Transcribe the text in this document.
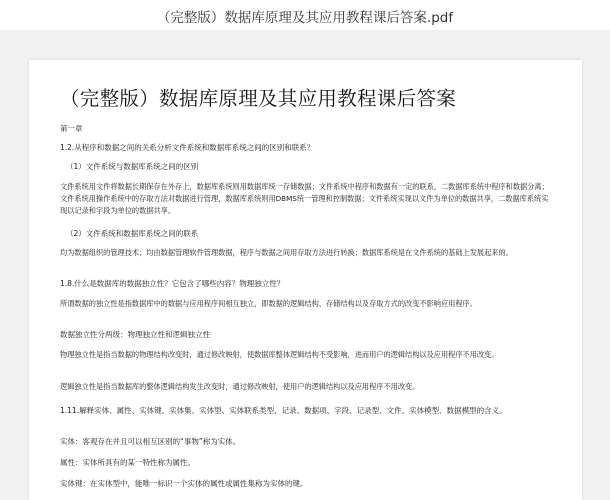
（完整版）数据库原理及其应用教程课后答案.pdf
（完整版）数据库原理及其应用教程课后答案
第一章
1.2.从程序和数据之间的关系分析文件系统和数据库系统之间的区别和联系？
（1）文件系统与数据库系统之间的区别
文件系统用文件将数据长期保存在外存上，数据库系统则用数据库统一存储数据；文件系统中程序和数据有一定的联系，二数据库系统中程序和数据分离；文件系统用操作系统中的存取方法对数据进行管理，数据库系统则用DBMS统一管理和控制数据；文件系统实现以文件为单位的数据共享，二数据库系统实现以记录和字段为单位的数据共享。
（2）文件系统和数据库系统之间的联系
均为数据组织的管理技术；均由数据管理软件管理数据，程序与数据之间用存取方法进行转换；数据库系统是在文件系统的基础上发展起来的。
1.8.什么是数据库的数据独立性？它包含了哪些内容？物理独立性？
所谓数据的独立性是指数据库中的数据与应用程序间相互独立，即数据的逻辑结构、存储结构以及存取方式的改变不影响应用程序。
数据独立性分两级：物理独立性和逻辑独立性
物理独立性是指当数据的物理结构改变时，通过修改映射，使数据库整体逻辑结构不受影响，进而用户的逻辑结构以及应用程序不用改变。
逻辑独立性是指当数据库的整体逻辑结构发生改变时，通过修改映射，使用户的逻辑结构以及应用程序不用改变。
1.11.解释实体、属性、实体键、实体集、实体型、实体联系类型、记录、数据项、字段、记录型、文件、实体模型、数据模型的含义。
实体：客观存在并且可以相互区别的“事物”称为实体。
属性：实体所具有的某一特性称为属性。
实体键：在实体型中，能唯一标识一个实体的属性或属性集称为实体的键。
